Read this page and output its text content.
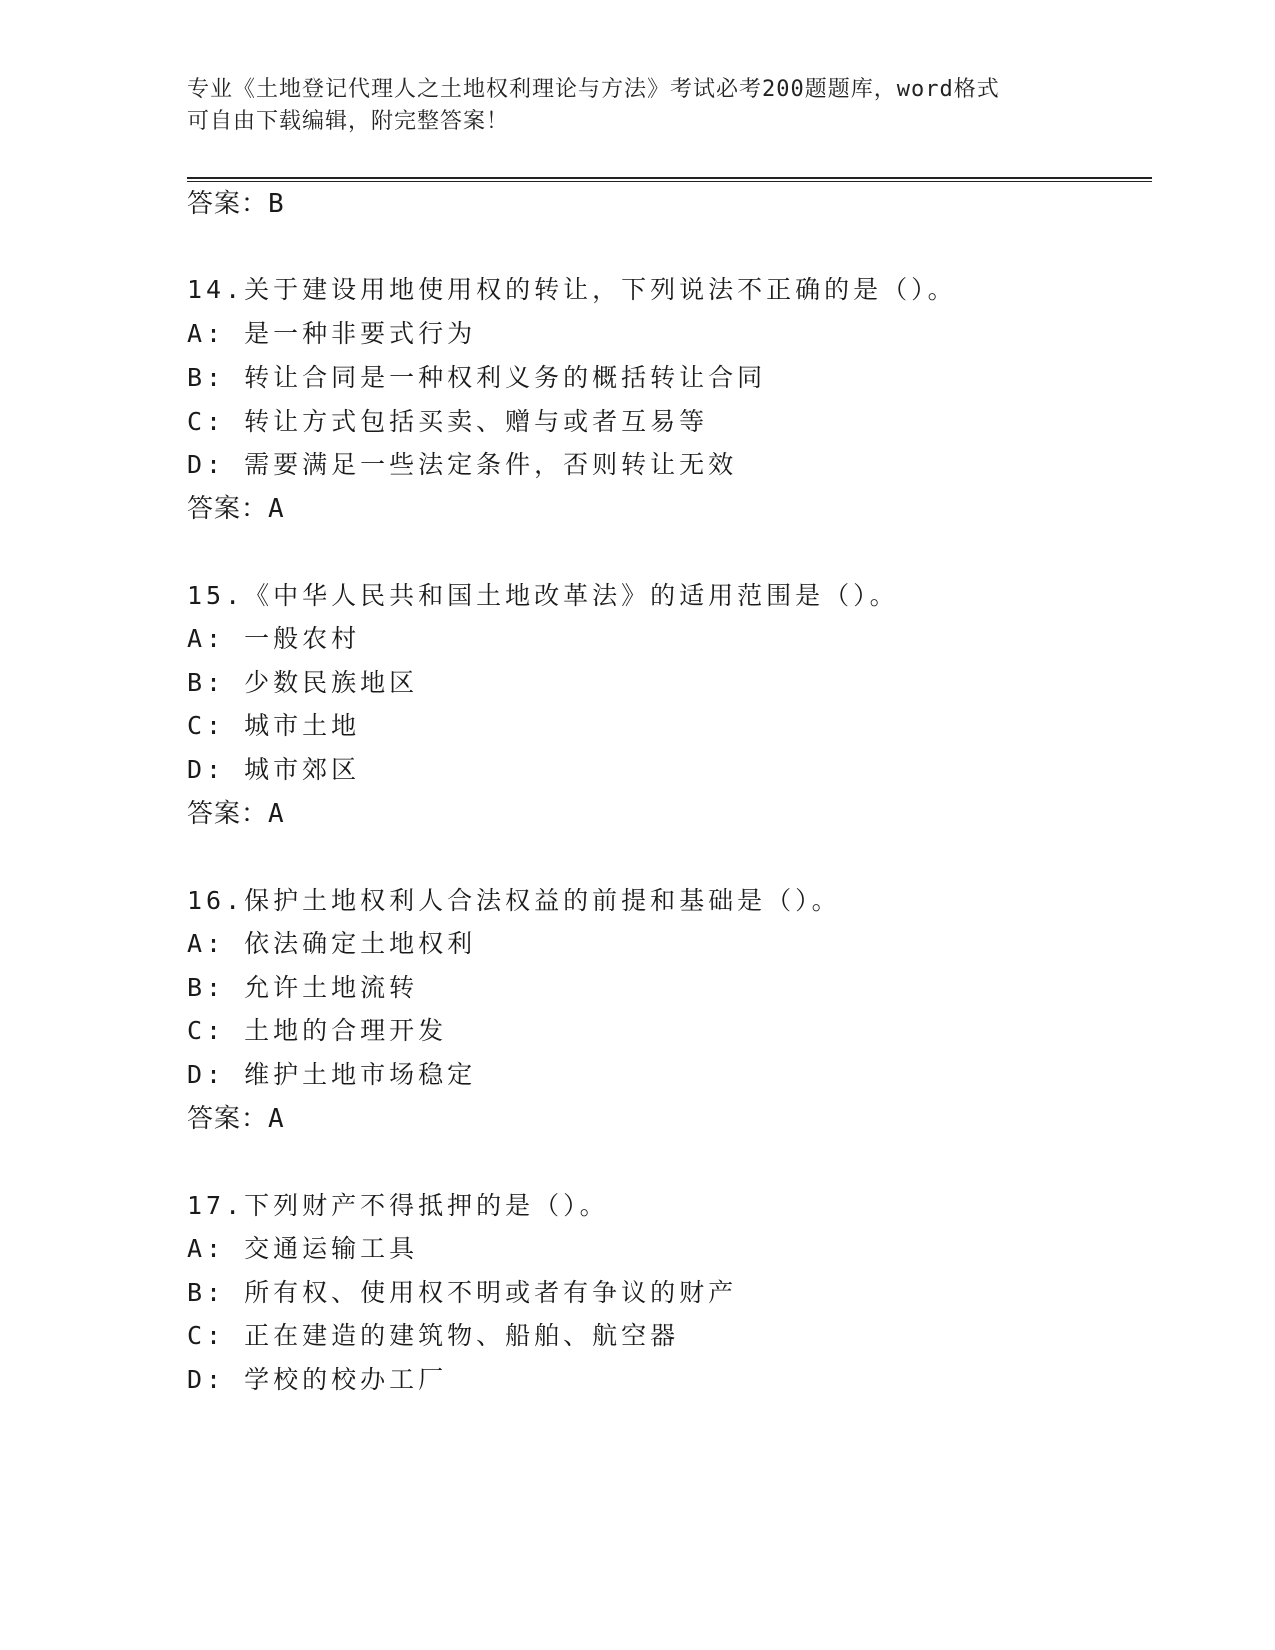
专业《土地登记代理人之土地权利理论与方法》考试必考200题题库，word格式
可自由下载编辑，附完整答案！
答案：B
14.关于建设用地使用权的转让，下列说法不正确的是（）。
A: 是一种非要式行为
B: 转让合同是一种权利义务的概括转让合同
C: 转让方式包括买卖、赠与或者互易等
D: 需要满足一些法定条件，否则转让无效
答案：A
15.《中华人民共和国土地改革法》的适用范围是（）。
A: 一般农村
B: 少数民族地区
C: 城市土地
D: 城市郊区
答案：A
16.保护土地权利人合法权益的前提和基础是（）。
A: 依法确定土地权利
B: 允许土地流转
C: 土地的合理开发
D: 维护土地市场稳定
答案：A
17.下列财产不得抵押的是（）。
A: 交通运输工具
B: 所有权、使用权不明或者有争议的财产
C: 正在建造的建筑物、船舶、航空器
D: 学校的校办工厂
